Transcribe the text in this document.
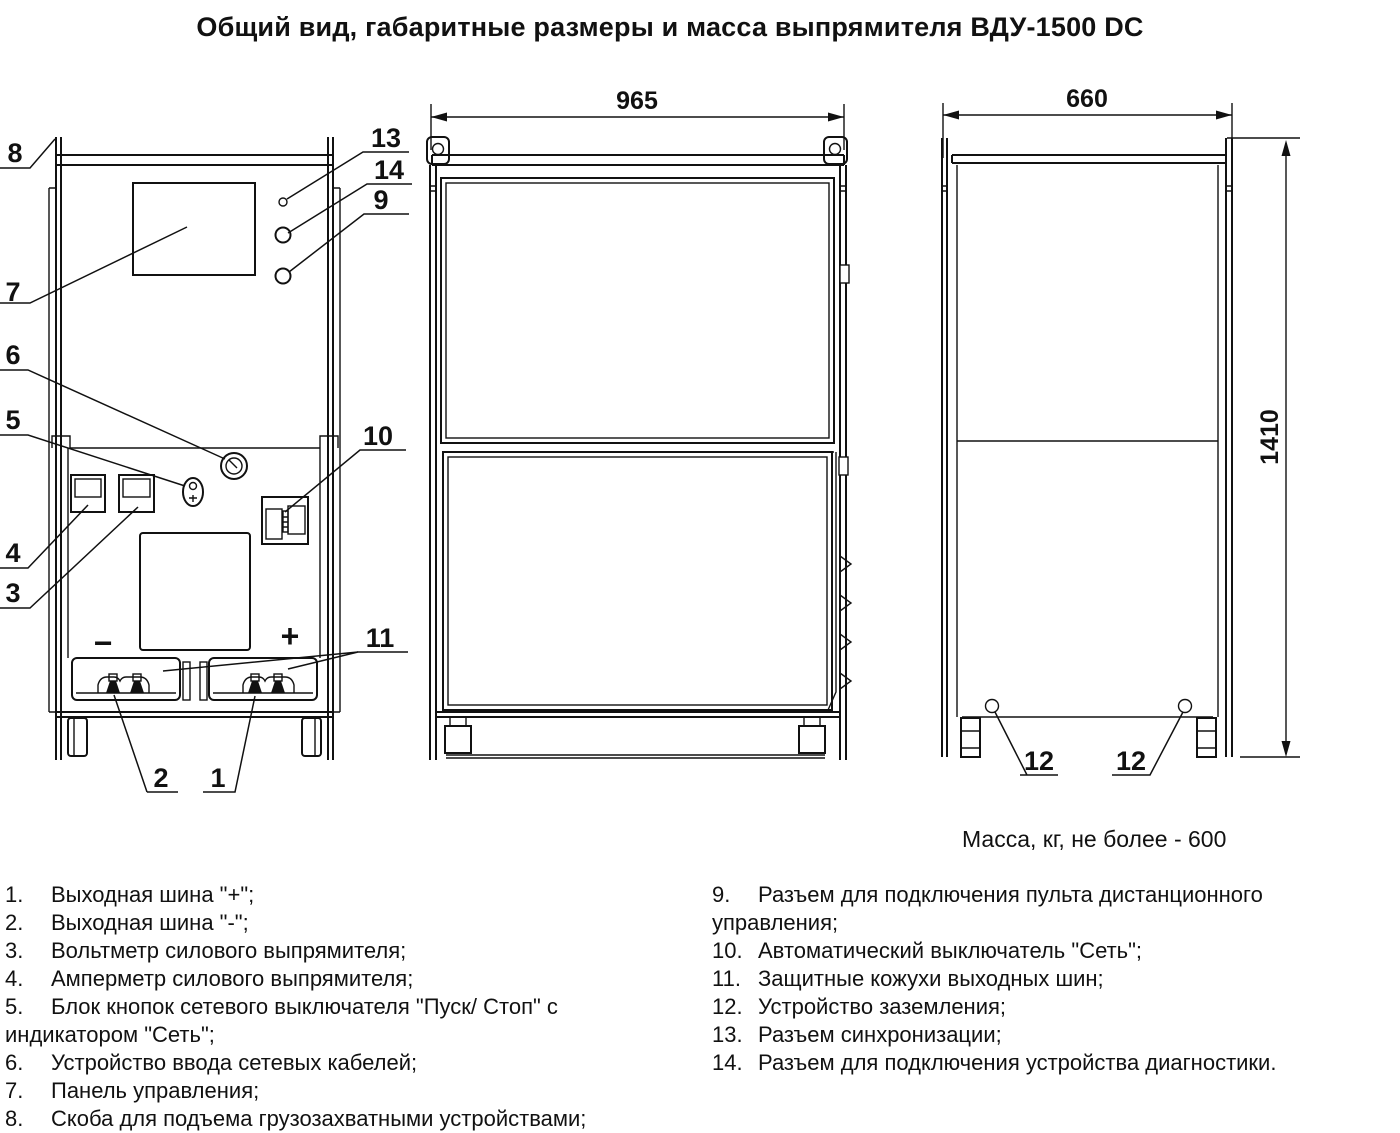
Общий вид, габаритные размеры и масса выпрямителя ВДУ-1500 DC
−	+
8
7
6
5
4
3
13
14
9
10
11
2 1
965	660
1410
12 12
Масса, кг, не более - 600
1. Выходная шина "+";
2. Выходная шина "-";
3. Вольтметр силового выпрямителя;
4. Амперметр силового выпрямителя;
5. Блок кнопок сетевого выключателя "Пуск/ Стоп" с индикатором "Сеть";
6. Устройство ввода сетевых кабелей;
7. Панель управления;
8. Скоба для подъема грузозахватными устройствами;
9. Разъем для подключения пульта дистанционного управления;
10. Автоматический выключатель "Сеть";
11. Защитные кожухи выходных шин;
12. Устройство заземления;
13. Разъем синхронизации;
14. Разъем для подключения устройства диагностики.
